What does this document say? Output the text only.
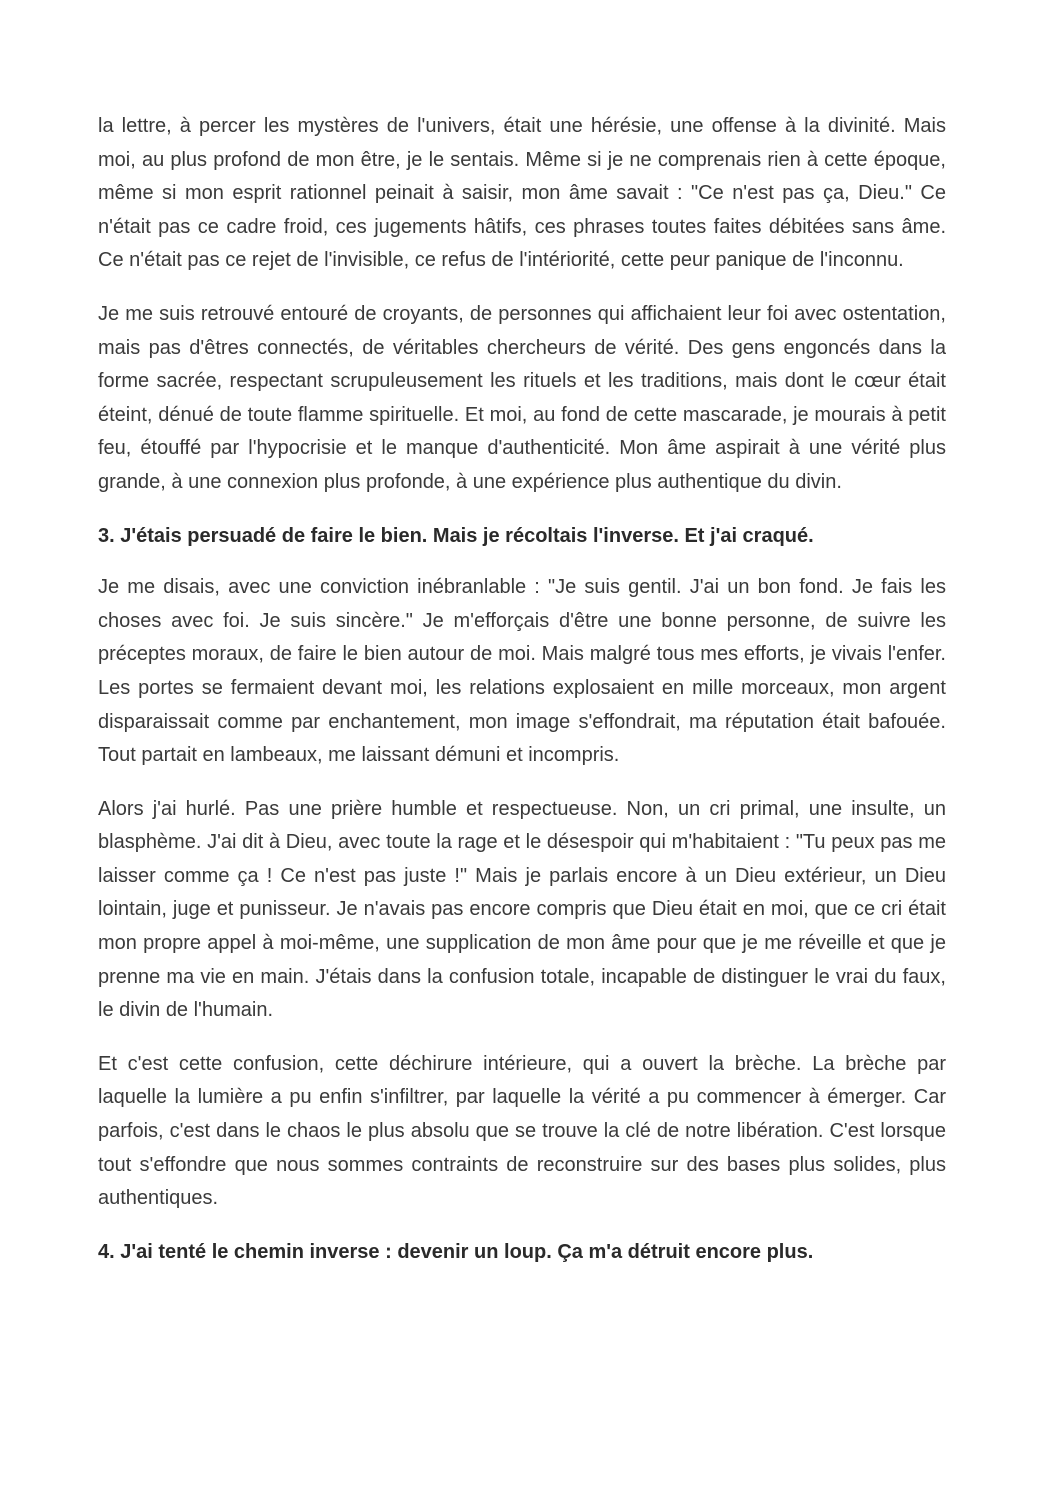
la lettre, à percer les mystères de l'univers, était une hérésie, une offense à la divinité. Mais moi, au plus profond de mon être, je le sentais. Même si je ne comprenais rien à cette époque, même si mon esprit rationnel peinait à saisir, mon âme savait : "Ce n'est pas ça, Dieu." Ce n'était pas ce cadre froid, ces jugements hâtifs, ces phrases toutes faites débitées sans âme. Ce n'était pas ce rejet de l'invisible, ce refus de l'intériorité, cette peur panique de l'inconnu.

Je me suis retrouvé entouré de croyants, de personnes qui affichaient leur foi avec ostentation, mais pas d'êtres connectés, de véritables chercheurs de vérité. Des gens engoncés dans la forme sacrée, respectant scrupuleusement les rituels et les traditions, mais dont le cœur était éteint, dénué de toute flamme spirituelle. Et moi, au fond de cette mascarade, je mourais à petit feu, étouffé par l'hypocrisie et le manque d'authenticité. Mon âme aspirait à une vérité plus grande, à une connexion plus profonde, à une expérience plus authentique du divin.

3. J'étais persuadé de faire le bien. Mais je récoltais l'inverse. Et j'ai craqué.

Je me disais, avec une conviction inébranlable : "Je suis gentil. J'ai un bon fond. Je fais les choses avec foi. Je suis sincère." Je m'efforçais d'être une bonne personne, de suivre les préceptes moraux, de faire le bien autour de moi. Mais malgré tous mes efforts, je vivais l'enfer. Les portes se fermaient devant moi, les relations explosaient en mille morceaux, mon argent disparaissait comme par enchantement, mon image s'effondrait, ma réputation était bafouée. Tout partait en lambeaux, me laissant démuni et incompris.

Alors j'ai hurlé. Pas une prière humble et respectueuse. Non, un cri primal, une insulte, un blasphème. J'ai dit à Dieu, avec toute la rage et le désespoir qui m'habitaient : "Tu peux pas me laisser comme ça ! Ce n'est pas juste !" Mais je parlais encore à un Dieu extérieur, un Dieu lointain, juge et punisseur. Je n'avais pas encore compris que Dieu était en moi, que ce cri était mon propre appel à moi-même, une supplication de mon âme pour que je me réveille et que je prenne ma vie en main. J'étais dans la confusion totale, incapable de distinguer le vrai du faux, le divin de l'humain.

Et c'est cette confusion, cette déchirure intérieure, qui a ouvert la brèche. La brèche par laquelle la lumière a pu enfin s'infiltrer, par laquelle la vérité a pu commencer à émerger. Car parfois, c'est dans le chaos le plus absolu que se trouve la clé de notre libération. C'est lorsque tout s'effondre que nous sommes contraints de reconstruire sur des bases plus solides, plus authentiques.

4. J'ai tenté le chemin inverse : devenir un loup. Ça m'a détruit encore plus.
